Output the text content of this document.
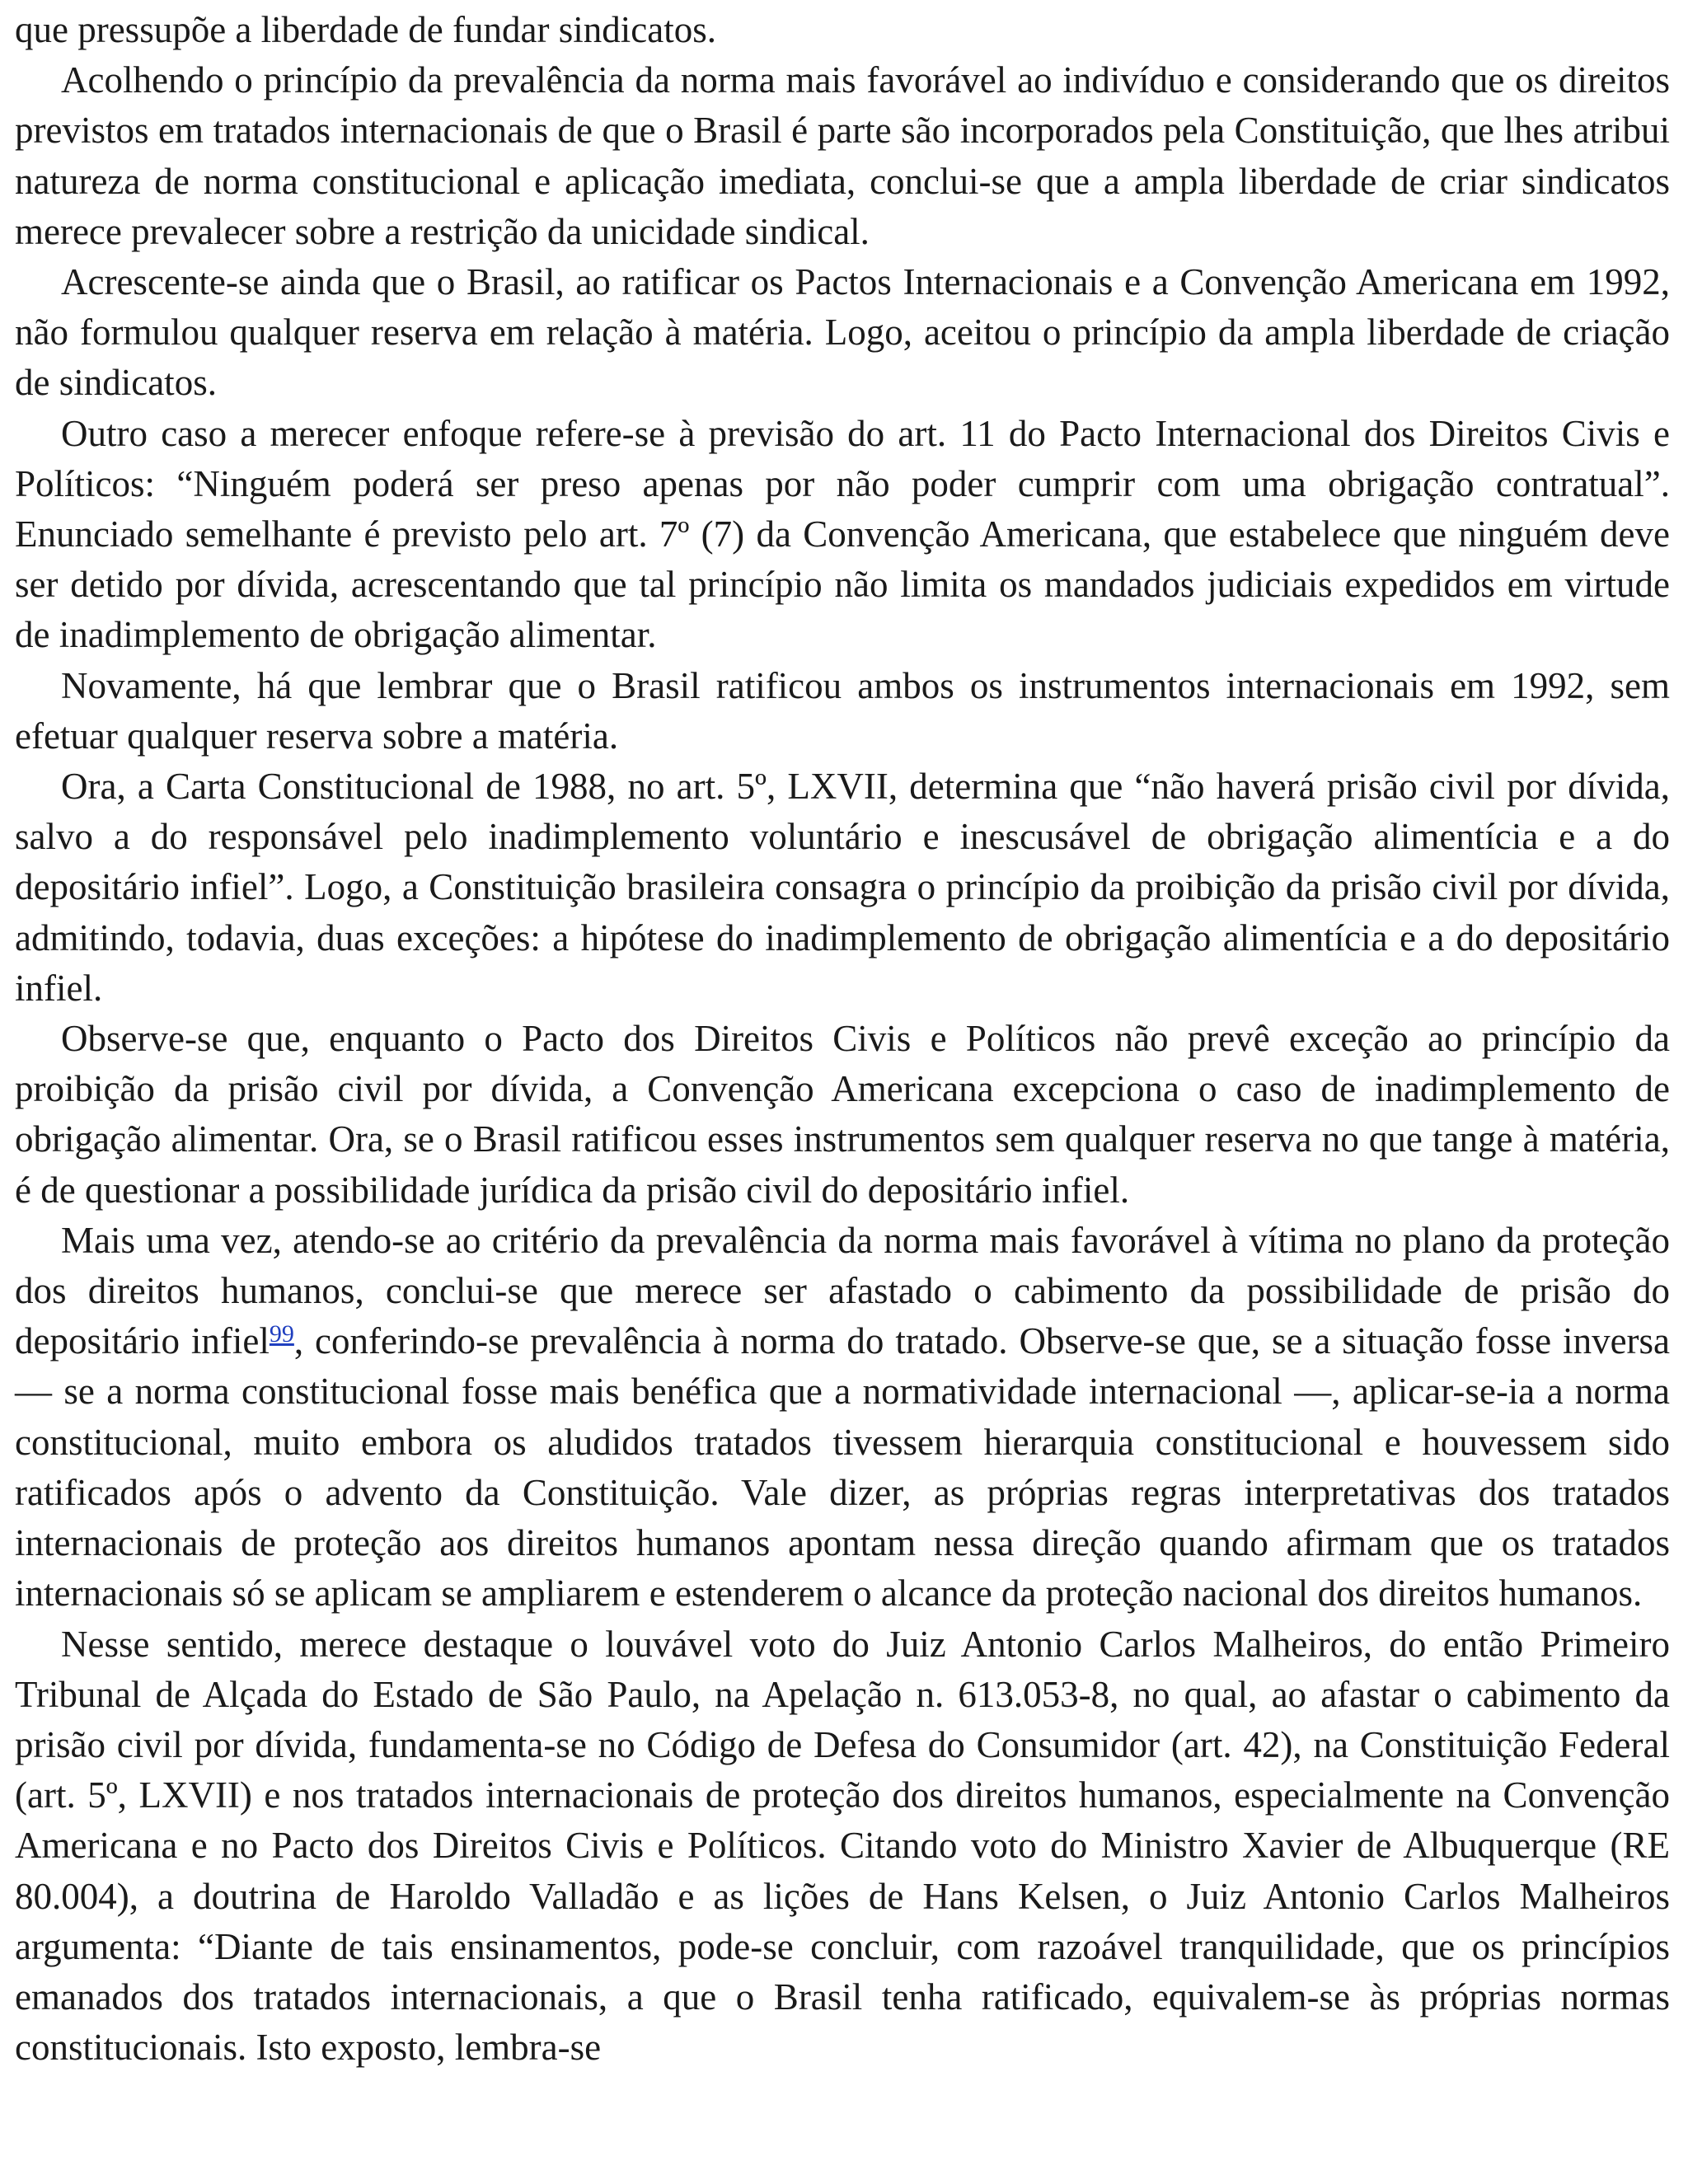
que pressupõe a liberdade de fundar sindicatos.

Acolhendo o princípio da prevalência da norma mais favorável ao indivíduo e considerando que os direitos previstos em tratados internacionais de que o Brasil é parte são incorporados pela Constituição, que lhes atribui natureza de norma constitucional e aplicação imediata, conclui-se que a ampla liberdade de criar sindicatos merece prevalecer sobre a restrição da unicidade sindical.

Acrescente-se ainda que o Brasil, ao ratificar os Pactos Internacionais e a Convenção Americana em 1992, não formulou qualquer reserva em relação à matéria. Logo, aceitou o princípio da ampla liberdade de criação de sindicatos.

Outro caso a merecer enfoque refere-se à previsão do art. 11 do Pacto Internacional dos Direitos Civis e Políticos: “Ninguém poderá ser preso apenas por não poder cumprir com uma obrigação contratual”. Enunciado semelhante é previsto pelo art. 7º (7) da Convenção Americana, que estabelece que ninguém deve ser detido por dívida, acrescentando que tal princípio não limita os mandados judiciais expedidos em virtude de inadimplemento de obrigação alimentar.

Novamente, há que lembrar que o Brasil ratificou ambos os instrumentos internacionais em 1992, sem efetuar qualquer reserva sobre a matéria.

Ora, a Carta Constitucional de 1988, no art. 5º, LXVII, determina que “não haverá prisão civil por dívida, salvo a do responsável pelo inadimplemento voluntário e inescusável de obrigação alimentícia e a do depositário infiel”. Logo, a Constituição brasileira consagra o princípio da proibição da prisão civil por dívida, admitindo, todavia, duas exceções: a hipótese do inadimplemento de obrigação alimentícia e a do depositário infiel.

Observe-se que, enquanto o Pacto dos Direitos Civis e Políticos não prevê exceção ao princípio da proibição da prisão civil por dívida, a Convenção Americana excepciona o caso de inadimplemento de obrigação alimentar. Ora, se o Brasil ratificou esses instrumentos sem qualquer reserva no que tange à matéria, é de questionar a possibilidade jurídica da prisão civil do depositário infiel.

Mais uma vez, atendo-se ao critério da prevalência da norma mais favorável à vítima no plano da proteção dos direitos humanos, conclui-se que merece ser afastado o cabimento da possibilidade de prisão do depositário infiel$^{99}$, conferindo-se prevalência à norma do tratado. Observe-se que, se a situação fosse inversa — se a norma constitucional fosse mais benéfica que a normatividade internacional —, aplicar-se-ia a norma constitucional, muito embora os aludidos tratados tivessem hierarquia constitucional e houvessem sido ratificados após o advento da Constituição. Vale dizer, as próprias regras interpretativas dos tratados internacionais de proteção aos direitos humanos apontam nessa direção quando afirmam que os tratados internacionais só se aplicam se ampliarem e estenderem o alcance da proteção nacional dos direitos humanos.

Nesse sentido, merece destaque o louvável voto do Juiz Antonio Carlos Malheiros, do então Primeiro Tribunal de Alçada do Estado de São Paulo, na Apelação n. 613.053-8, no qual, ao afastar o cabimento da prisão civil por dívida, fundamenta-se no Código de Defesa do Consumidor (art. 42), na Constituição Federal (art. 5º, LXVII) e nos tratados internacionais de proteção dos direitos humanos, especialmente na Convenção Americana e no Pacto dos Direitos Civis e Políticos. Citando voto do Ministro Xavier de Albuquerque (RE 80.004), a doutrina de Haroldo Valladão e as lições de Hans Kelsen, o Juiz Antonio Carlos Malheiros argumenta: “Diante de tais ensinamentos, pode-se concluir, com razoável tranquilidade, que os princípios emanados dos tratados internacionais, a que o Brasil tenha ratificado, equivalem-se às próprias normas constitucionais. Isto exposto, lembra-se
